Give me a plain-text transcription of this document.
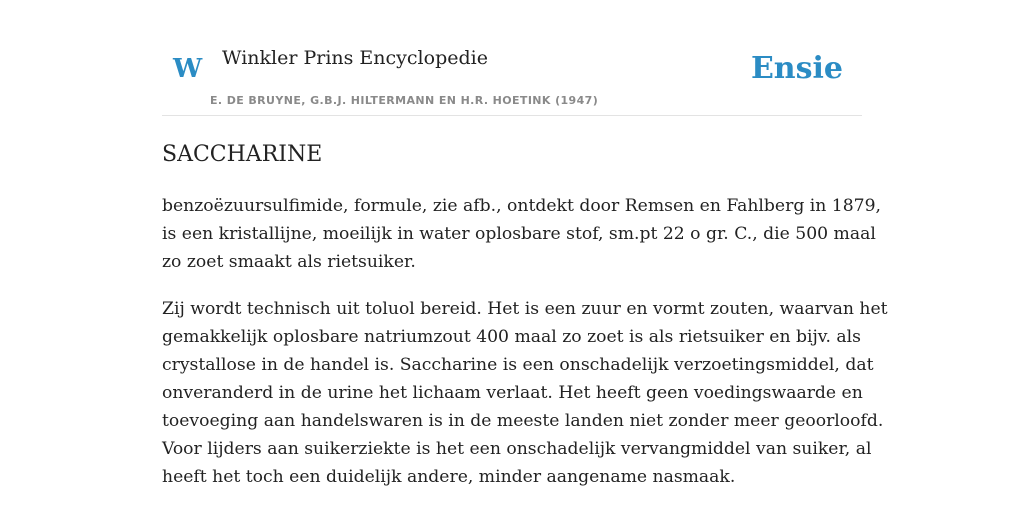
W Winkler Prins Encyclopedie
E. DE BRUYNE, G.B.J. HILTERMANN EN H.R. HOETINK (1947)
Ensie
SACCHARINE

benzoëzuursulfimide, formule, zie afb., ontdekt door Remsen en Fahlberg in 1879,
is een kristallijne, moeilijk in water oplosbare stof, sm.pt 22 o gr. C., die 500 maal
zo zoet smaakt als rietsuiker.

Zij wordt technisch uit toluol bereid. Het is een zuur en vormt zouten, waarvan het
gemakkelijk oplosbare natriumzout 400 maal zo zoet is als rietsuiker en bijv. als
crystallose in de handel is. Saccharine is een onschadelijk verzoetingsmiddel, dat
onveranderd in de urine het lichaam verlaat. Het heeft geen voedingswaarde en
toevoeging aan handelswaren is in de meeste landen niet zonder meer geoorloofd.
Voor lijders aan suikerziekte is het een onschadelijk vervangmiddel van suiker, al
heeft het toch een duidelijk andere, minder aangename nasmaak.
